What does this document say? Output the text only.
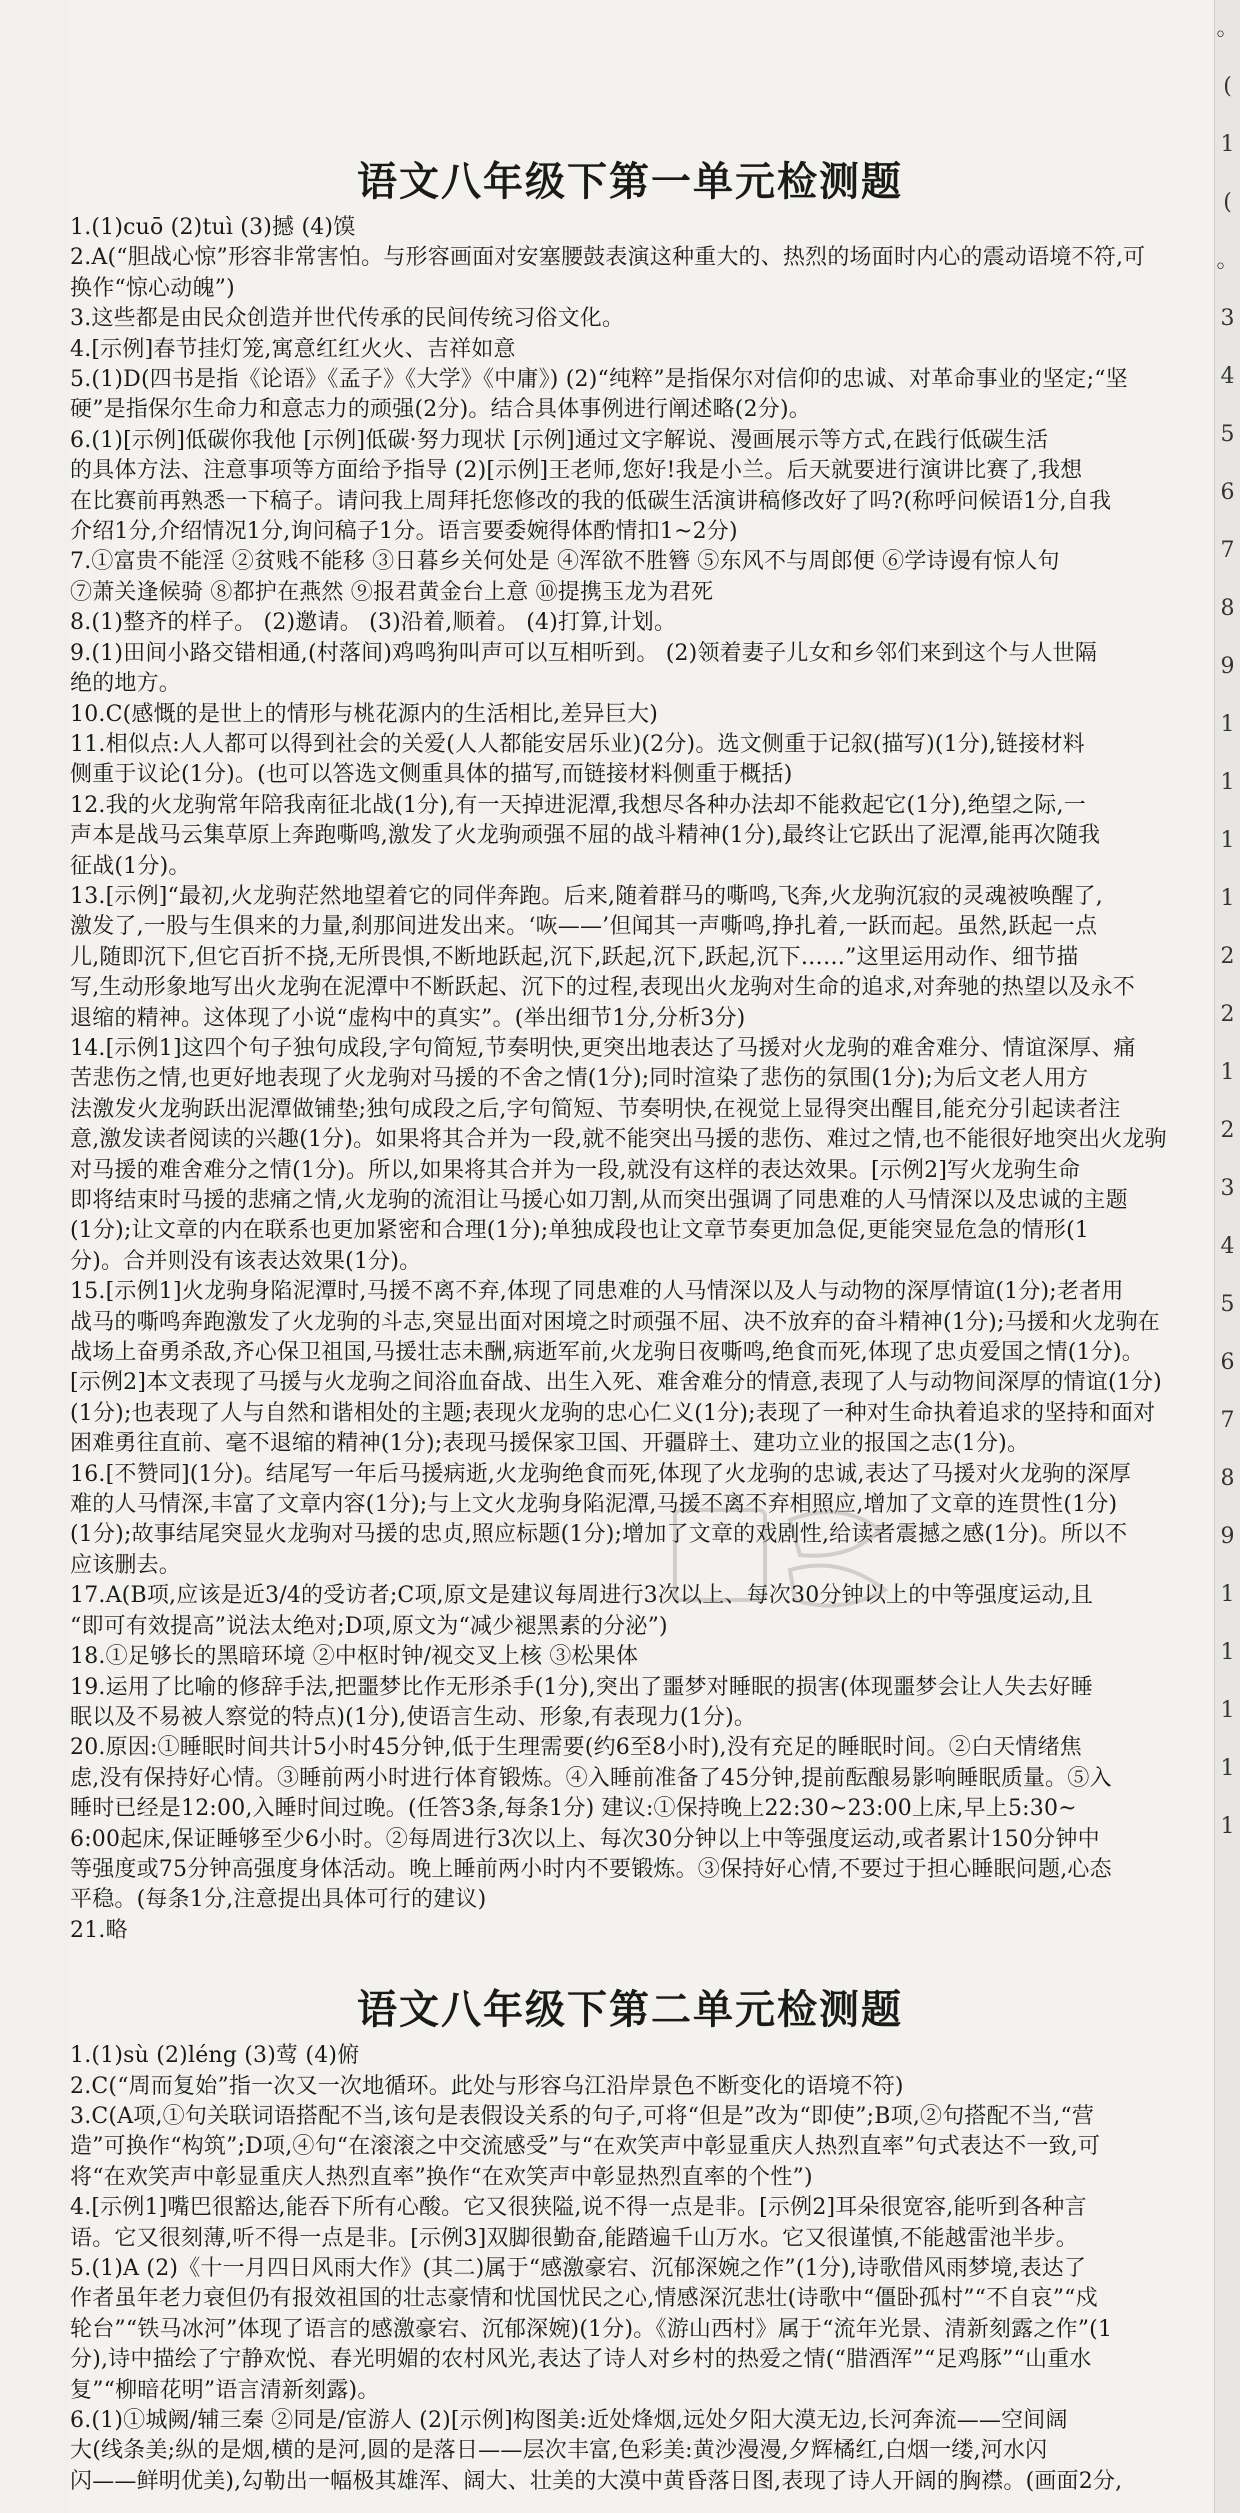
语文八年级下第一单元检测题
1.(1)cuō (2)tuì (3)撼 (4)馍
2.A(“胆战心惊”形容非常害怕。与形容画面对安塞腰鼓表演这种重大的、热烈的场面时内心的震动语境不符,可
换作“惊心动魄”)
3.这些都是由民众创造并世代传承的民间传统习俗文化。
4.[示例]春节挂灯笼,寓意红红火火、吉祥如意
5.(1)D(四书是指《论语》《孟子》《大学》《中庸》) (2)“纯粹”是指保尔对信仰的忠诚、对革命事业的坚定;“坚
硬”是指保尔生命力和意志力的顽强(2分)。结合具体事例进行阐述略(2分)。
6.(1)[示例]低碳你我他 [示例]低碳·努力现状 [示例]通过文字解说、漫画展示等方式,在践行低碳生活
的具体方法、注意事项等方面给予指导 (2)[示例]王老师,您好!我是小兰。后天就要进行演讲比赛了,我想
在比赛前再熟悉一下稿子。请问我上周拜托您修改的我的低碳生活演讲稿修改好了吗?(称呼问候语1分,自我
介绍1分,介绍情况1分,询问稿子1分。语言要委婉得体酌情扣1~2分)
7.①富贵不能淫 ②贫贱不能移 ③日暮乡关何处是 ④浑欲不胜簪 ⑤东风不与周郎便 ⑥学诗谩有惊人句
⑦萧关逢候骑 ⑧都护在燕然 ⑨报君黄金台上意 ⑩提携玉龙为君死
8.(1)整齐的样子。 (2)邀请。 (3)沿着,顺着。 (4)打算,计划。
9.(1)田间小路交错相通,(村落间)鸡鸣狗叫声可以互相听到。 (2)领着妻子儿女和乡邻们来到这个与人世隔
绝的地方。
10.C(感慨的是世上的情形与桃花源内的生活相比,差异巨大)
11.相似点:人人都可以得到社会的关爱(人人都能安居乐业)(2分)。选文侧重于记叙(描写)(1分),链接材料
侧重于议论(1分)。(也可以答选文侧重具体的描写,而链接材料侧重于概括)
12.我的火龙驹常年陪我南征北战(1分),有一天掉进泥潭,我想尽各种办法却不能救起它(1分),绝望之际,一
声本是战马云集草原上奔跑嘶鸣,激发了火龙驹顽强不屈的战斗精神(1分),最终让它跃出了泥潭,能再次随我
征战(1分)。
13.[示例]“最初,火龙驹茫然地望着它的同伴奔跑。后来,随着群马的嘶鸣,飞奔,火龙驹沉寂的灵魂被唤醒了,
激发了,一股与生俱来的力量,刹那间进发出来。‘咴——’但闻其一声嘶鸣,挣扎着,一跃而起。虽然,跃起一点
儿,随即沉下,但它百折不挠,无所畏惧,不断地跃起,沉下,跃起,沉下,跃起,沉下……”这里运用动作、细节描
写,生动形象地写出火龙驹在泥潭中不断跃起、沉下的过程,表现出火龙驹对生命的追求,对奔驰的热望以及永不
退缩的精神。这体现了小说“虚构中的真实”。(举出细节1分,分析3分)
14.[示例1]这四个句子独句成段,字句简短,节奏明快,更突出地表达了马援对火龙驹的难舍难分、情谊深厚、痛
苦悲伤之情,也更好地表现了火龙驹对马援的不舍之情(1分);同时渲染了悲伤的氛围(1分);为后文老人用方
法激发火龙驹跃出泥潭做铺垫;独句成段之后,字句简短、节奏明快,在视觉上显得突出醒目,能充分引起读者注
意,激发读者阅读的兴趣(1分)。如果将其合并为一段,就不能突出马援的悲伤、难过之情,也不能很好地突出火龙驹
对马援的难舍难分之情(1分)。所以,如果将其合并为一段,就没有这样的表达效果。[示例2]写火龙驹生命
即将结束时马援的悲痛之情,火龙驹的流泪让马援心如刀割,从而突出强调了同患难的人马情深以及忠诚的主题
(1分);让文章的内在联系也更加紧密和合理(1分);单独成段也让文章节奏更加急促,更能突显危急的情形(1
分)。合并则没有该表达效果(1分)。
15.[示例1]火龙驹身陷泥潭时,马援不离不弃,体现了同患难的人马情深以及人与动物的深厚情谊(1分);老者用
战马的嘶鸣奔跑激发了火龙驹的斗志,突显出面对困境之时顽强不屈、决不放弃的奋斗精神(1分);马援和火龙驹在
战场上奋勇杀敌,齐心保卫祖国,马援壮志未酬,病逝军前,火龙驹日夜嘶鸣,绝食而死,体现了忠贞爱国之情(1分)。
[示例2]本文表现了马援与火龙驹之间浴血奋战、出生入死、难舍难分的情意,表现了人与动物间深厚的情谊(1分)
(1分);也表现了人与自然和谐相处的主题;表现火龙驹的忠心仁义(1分);表现了一种对生命执着追求的坚持和面对
困难勇往直前、毫不退缩的精神(1分);表现马援保家卫国、开疆辟土、建功立业的报国之志(1分)。
16.[不赞同](1分)。结尾写一年后马援病逝,火龙驹绝食而死,体现了火龙驹的忠诚,表达了马援对火龙驹的深厚
难的人马情深,丰富了文章内容(1分);与上文火龙驹身陷泥潭,马援不离不弃相照应,增加了文章的连贯性(1分)
(1分);故事结尾突显火龙驹对马援的忠贞,照应标题(1分);增加了文章的戏剧性,给读者震撼之感(1分)。所以不
应该删去。
17.A(B项,应该是近3/4的受访者;C项,原文是建议每周进行3次以上、每次30分钟以上的中等强度运动,且
“即可有效提高”说法太绝对;D项,原文为“减少褪黑素的分泌”)
18.①足够长的黑暗环境 ②中枢时钟/视交叉上核 ③松果体
19.运用了比喻的修辞手法,把噩梦比作无形杀手(1分),突出了噩梦对睡眠的损害(体现噩梦会让人失去好睡
眠以及不易被人察觉的特点)(1分),使语言生动、形象,有表现力(1分)。
20.原因:①睡眠时间共计5小时45分钟,低于生理需要(约6至8小时),没有充足的睡眠时间。②白天情绪焦
虑,没有保持好心情。③睡前两小时进行体育锻炼。④入睡前准备了45分钟,提前酝酿易影响睡眠质量。⑤入
睡时已经是12:00,入睡时间过晚。(任答3条,每条1分) 建议:①保持晚上22:30~23:00上床,早上5:30~
6:00起床,保证睡够至少6小时。②每周进行3次以上、每次30分钟以上中等强度运动,或者累计150分钟中
等强度或75分钟高强度身体活动。晚上睡前两小时内不要锻炼。③保持好心情,不要过于担心睡眠问题,心态
平稳。(每条1分,注意提出具体可行的建议)
21.略
语文八年级下第二单元检测题
1.(1)sù (2)léng (3)莺 (4)俯
2.C(“周而复始”指一次又一次地循环。此处与形容乌江沿岸景色不断变化的语境不符)
3.C(A项,①句关联词语搭配不当,该句是表假设关系的句子,可将“但是”改为“即使”;B项,②句搭配不当,“营
造”可换作“构筑”;D项,④句“在滚滚之中交流感受”与“在欢笑声中彰显重庆人热烈直率”句式表达不一致,可
将“在欢笑声中彰显重庆人热烈直率”换作“在欢笑声中彰显热烈直率的个性”)
4.[示例1]嘴巴很豁达,能吞下所有心酸。它又很狭隘,说不得一点是非。[示例2]耳朵很宽容,能听到各种言
语。它又很刻薄,听不得一点是非。[示例3]双脚很勤奋,能踏遍千山万水。它又很谨慎,不能越雷池半步。
5.(1)A (2)《十一月四日风雨大作》(其二)属于“感激豪宕、沉郁深婉之作”(1分),诗歌借风雨梦境,表达了
作者虽年老力衰但仍有报效祖国的壮志豪情和忧国忧民之心,情感深沉悲壮(诗歌中“僵卧孤村”“不自哀”“戍
轮台”“铁马冰河”体现了语言的感激豪宕、沉郁深婉)(1分)。《游山西村》属于“流年光景、清新刻露之作”(1
分),诗中描绘了宁静欢悦、春光明媚的农村风光,表达了诗人对乡村的热爱之情(“腊酒浑”“足鸡豚”“山重水
复”“柳暗花明”语言清新刻露)。
6.(1)①城阙/辅三秦 ②同是/宦游人 (2)[示例]构图美:近处烽烟,远处夕阳大漠无边,长河奔流——空间阔
大(线条美;纵的是烟,横的是河,圆的是落日——层次丰富,色彩美:黄沙漫漫,夕辉橘红,白烟一缕,河水闪
闪——鲜明优美),勾勒出一幅极其雄浑、阔大、壮美的大漠中黄昏落日图,表现了诗人开阔的胸襟。(画面2分,
。
(
1
(
。
3
4
5
6
7
8
9
1
1
1
1
2
2
1
2
3
4
5
6
7
8
9
1
1
1
1
1
